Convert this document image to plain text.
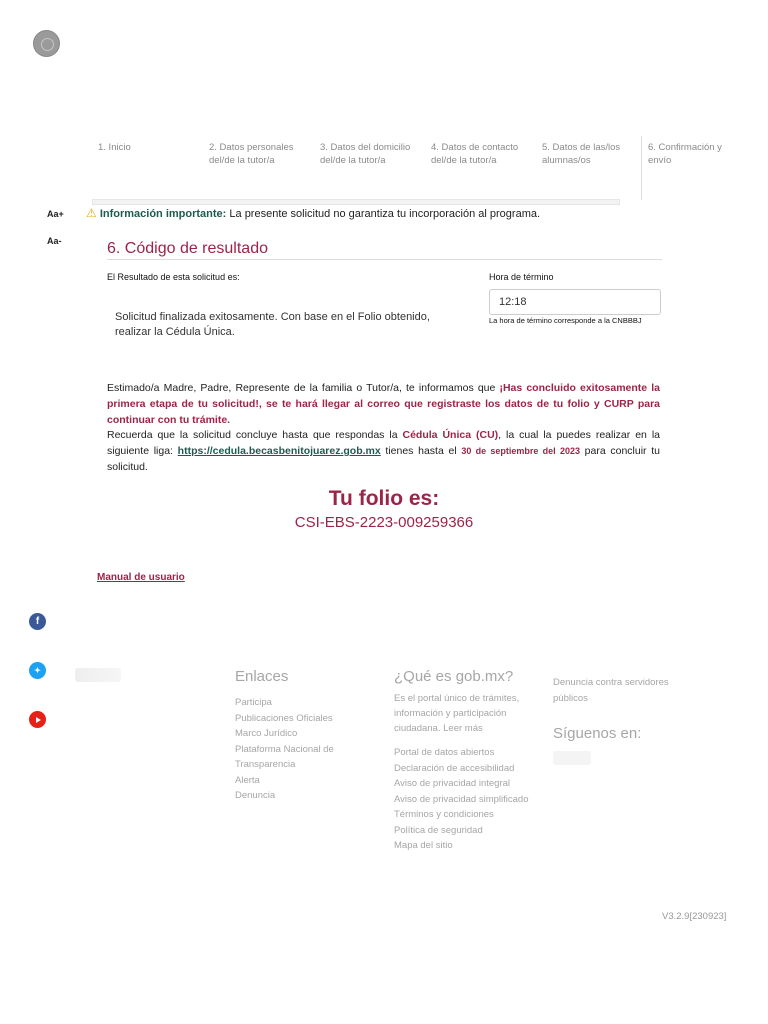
1. Inicio	2. Datos personales del/de la tutor/a
3. Datos del domicilio del/de la tutor/a
4. Datos de contacto del/de la tutor/a
5. Datos de las/los alumnas/os
6. Confirmación y envío
Aa+
Aa-
⚠ Información importante: La presente solicitud no garantiza tu incorporación al programa.
6. Código de resultado
El Resultado de esta solicitud es:
Solicitud finalizada exitosamente. Con base en el Folio obtenido, realizar la Cédula Única.
Hora de término
12:18
La hora de término corresponde a la CNBBBJ
Estimado/a Madre, Padre, Represente de la familia o Tutor/a, te informamos que ¡Has concluido exitosamente la primera etapa de tu solicitud!, se te hará llegar al correo que registraste los datos de tu folio y CURP para continuar con tu trámite.
Recuerda que la solicitud concluye hasta que respondas la Cédula Única (CU), la cual la puedes realizar en la siguiente liga: https://cedula.becasbenitojuarez.gob.mx tienes hasta el 30 de septiembre del 2023 para concluir tu solicitud.
Tu folio es:
CSI-EBS-2223-009259366
Manual de usuario
f
✦	Enlaces
Participa
Publicaciones Oficiales
Marco Jurídico
Plataforma Nacional de Transparencia
Alerta
Denuncia
¿Qué es gob.mx?
Es el portal único de trámites, información y participación ciudadana. Leer más
Portal de datos abiertos
Declaración de accesibilidad
Aviso de privacidad integral
Aviso de privacidad simplificado
Términos y condiciones
Política de seguridad
Mapa del sitio
Denuncia contra servidores públicos
Síguenos en:
V3.2.9[230923]
